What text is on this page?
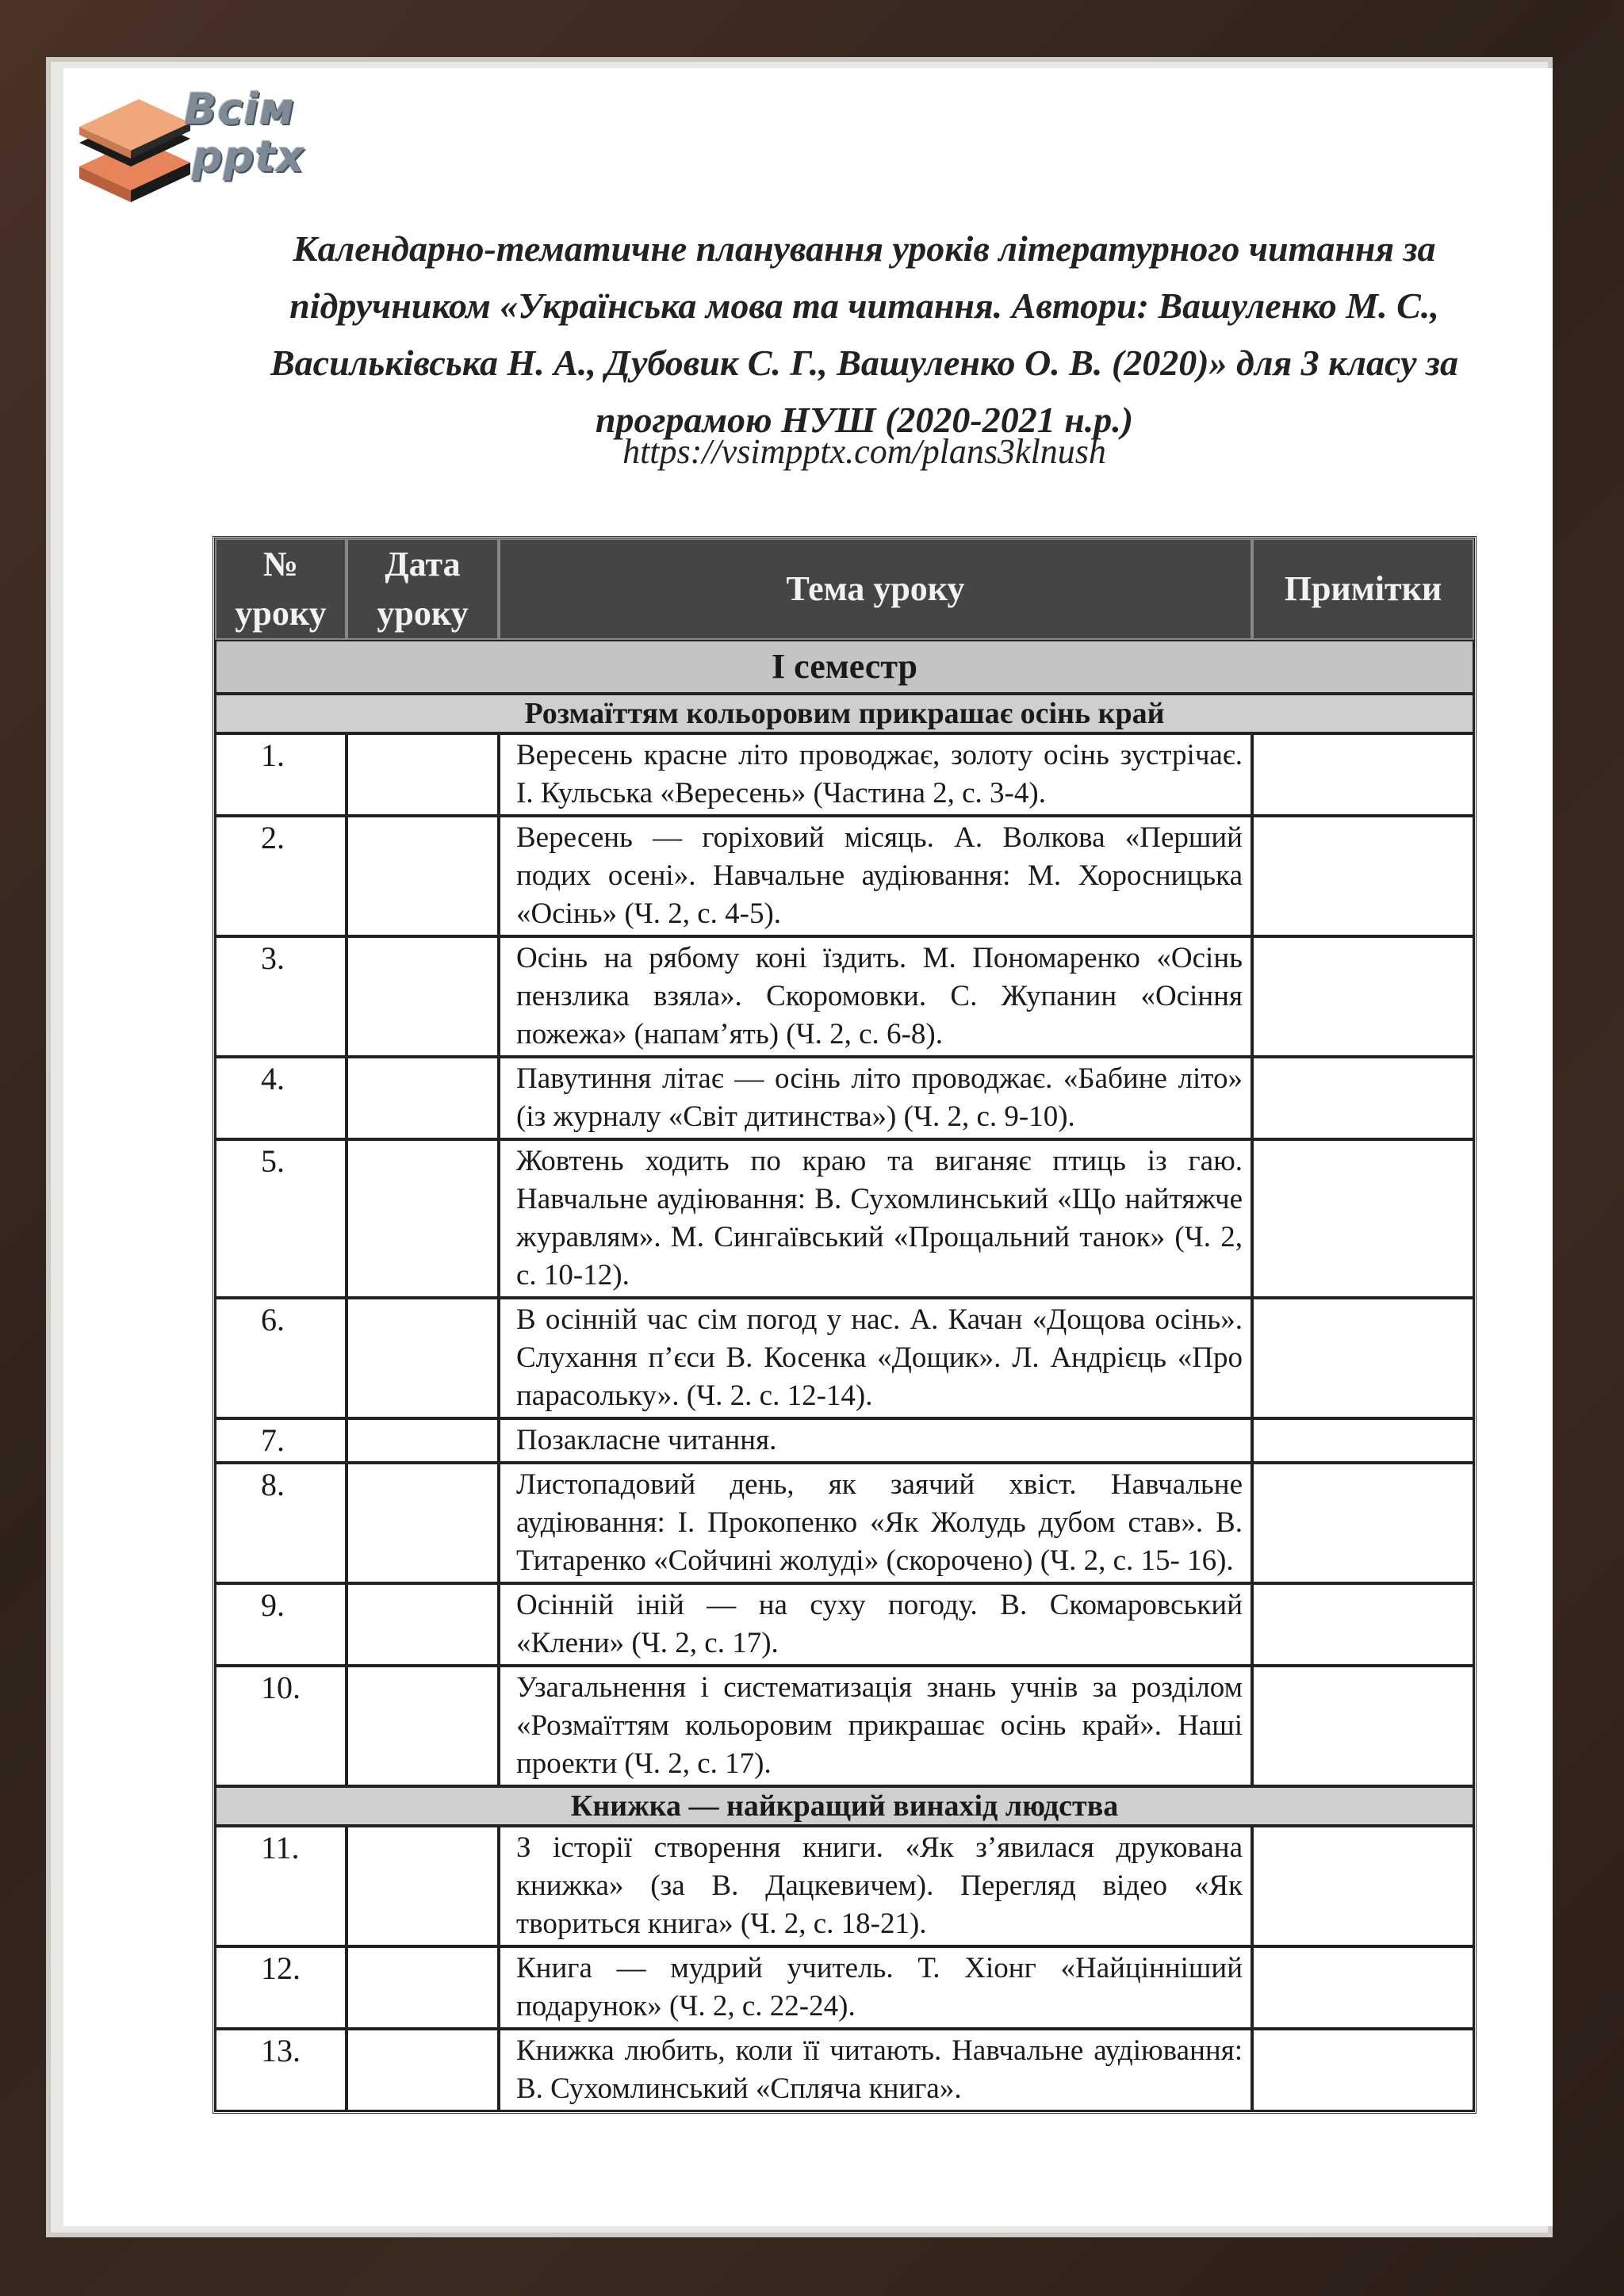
Всім
pptx
Календарно-тематичне планування уроків літературного читання за підручником «Українська мова та читання. Автори: Вашуленко М. С., Васильківська Н. А., Дубовик С. Г., Вашуленко О. В. (2020)» для 3 класу за програмою НУШ (2020-2021 н.р.)
https://vsimpptx.com/plans3klnush
№ уроку	Дата уроку	Тема уроку	Примітки
І семестр			
Розмаїттям кольоровим прикрашає осінь край			
1.		Вересень красне літо проводжає, золоту осінь зустрічає. І. Кульська «Вересень» (Частина 2, с. 3-4).	
2.		Вересень — горіховий місяць. А. Волкова «Перший подих осені». Навчальне аудіювання: М. Хоросницька «Осінь» (Ч. 2, с. 4-5).	
3.		Осінь на рябому коні їздить. М. Пономаренко «Осінь пензлика взяла». Скоромовки. С. Жупанин «Осіння пожежа» (напам’ять) (Ч. 2, с. 6-8).	
4.		Павутиння літає — осінь літо проводжає. «Бабине літо» (із журналу «Світ дитинства») (Ч. 2, с. 9-10).	
5.		Жовтень ходить по краю та виганяє птиць із гаю. Навчальне аудіювання: В. Сухомлинський «Що найтяжче журавлям». М. Сингаївський «Прощальний танок» (Ч. 2, с. 10-12).	
6.		В осінній час сім погод у нас. А. Качан «Дощова осінь». Слухання п’єси В. Косенка «Дощик». Л. Андрієць «Про парасольку». (Ч. 2. с. 12-14).	
7.		Позакласне читання.	
8.		Листопадовий день, як заячий хвіст. Навчальне аудіювання: І. Прокопенко «Як Жолудь дубом став». В. Титаренко «Сойчині жолуді» (скорочено) (Ч. 2, с. 15- 16).	
9.		Осінній іній — на суху погоду. В. Скомаровський «Клени» (Ч. 2, с. 17).	
10.		Узагальнення і систематизація знань учнів за розділом «Розмаїттям кольоровим прикрашає осінь край». Наші проекти (Ч. 2, с. 17).	
Книжка — найкращий винахід людства			
11.		З історії створення книги. «Як з’явилася друкована книжка» (за В. Дацкевичем). Перегляд відео «Як твориться книга» (Ч. 2, с. 18-21).	
12.		Книга — мудрий учитель. Т. Хіонг «Найцінніший подарунок» (Ч. 2, с. 22-24).	
13.		Книжка любить, коли її читають. Навчальне аудіювання: В. Сухомлинський «Спляча книга».	
